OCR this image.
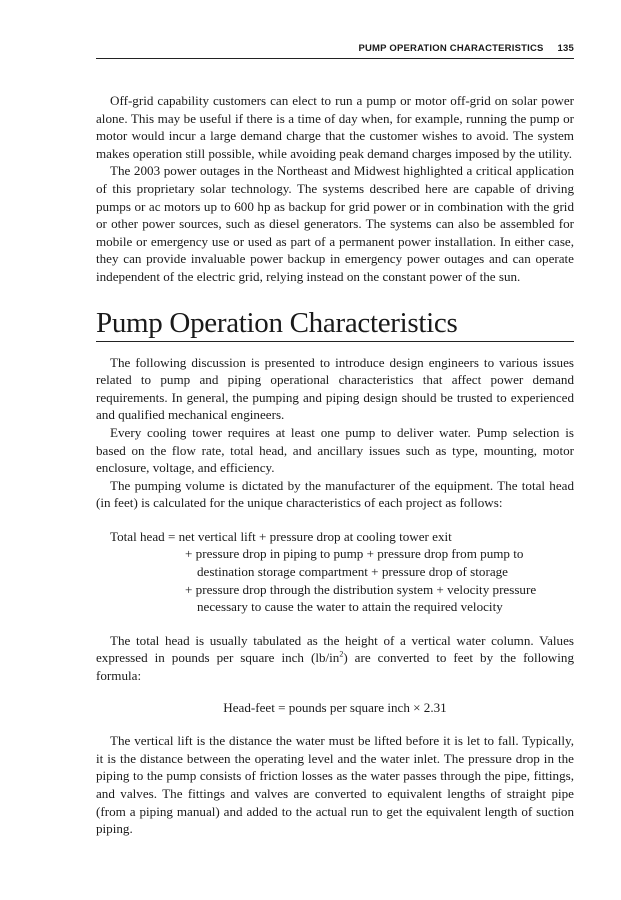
PUMP OPERATION CHARACTERISTICS 135

Off-grid capability customers can elect to run a pump or motor off-grid on solar power alone. This may be useful if there is a time of day when, for example, running the pump or motor would incur a large demand charge that the customer wishes to avoid. The system makes operation still possible, while avoiding peak demand charges imposed by the utility.

The 2003 power outages in the Northeast and Midwest highlighted a critical application of this proprietary solar technology. The systems described here are capable of driving pumps or ac motors up to 600 hp as backup for grid power or in combination with the grid or other power sources, such as diesel generators. The systems can also be assembled for mobile or emergency use or used as part of a permanent power installation. In either case, they can provide invaluable power backup in emergency power outages and can operate independent of the electric grid, relying instead on the constant power of the sun.

Pump Operation Characteristics

The following discussion is presented to introduce design engineers to various issues related to pump and piping operational characteristics that affect power demand requirements. In general, the pumping and piping design should be trusted to experienced and qualified mechanical engineers.

Every cooling tower requires at least one pump to deliver water. Pump selection is based on the flow rate, total head, and ancillary issues such as type, mounting, motor enclosure, voltage, and efficiency.

The pumping volume is dictated by the manufacturer of the equipment. The total head (in feet) is calculated for the unique characteristics of each project as follows:

Total head = net vertical lift + pressure drop at cooling tower exit
+ pressure drop in piping to pump + pressure drop from pump to
destination storage compartment + pressure drop of storage
+ pressure drop through the distribution system + velocity pressure
necessary to cause the water to attain the required velocity

The total head is usually tabulated as the height of a vertical water column. Values expressed in pounds per square inch $(lb/in^2)$ are converted to feet by the following formula:

Head-feet = pounds per square inch × 2.31

The vertical lift is the distance the water must be lifted before it is let to fall. Typically, it is the distance between the operating level and the water inlet. The pressure drop in the piping to the pump consists of friction losses as the water passes through the pipe, fittings, and valves. The fittings and valves are converted to equivalent lengths of straight pipe (from a piping manual) and added to the actual run to get the equivalent length of suction piping.
